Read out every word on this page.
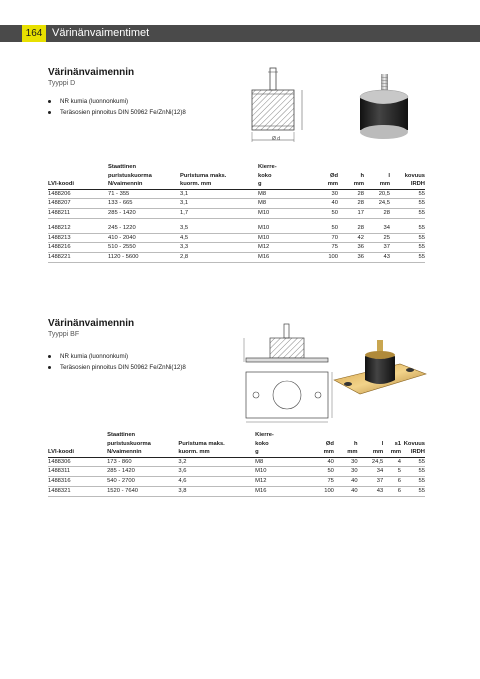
164 Värinänvaimentimet
Värinänvaimennin
Tyyppi D
NR kumia (luonnonkumi)
Teräsosien pinnoitus DIN 50962 Fe/ZnNi(12)8
Ø d
LVI-koodi	Staattinen
puristuskuorma
N/vaimennin	Puristuma maks.
kuorm. mm	Kierre-
koko
g	Ød
mm	h
mm	l
mm	kovuus
IRDH
1488206	71 - 355	3,1	M8	30	28	20,5	55
1488207	133 - 665	3,1	M8	40	28	24,5	55
1488211	285 - 1420	1,7	M10	50	17	28	55

1488212	245 - 1220	3,5	M10	50	28	34	55
1488213	410 - 2040	4,5	M10	70	42	25	55
1488216	510 - 2550	3,3	M12	75	36	37	55
1488221	1120 - 5600	2,8	M16	100	36	43	55
Värinänvaimennin
Tyyppi BF
NR kumia (luonnonkumi)
Teräsosien pinnoitus DIN 50962 Fe/ZnNi(12)8
LVI-koodi	Staattinen
puristuskuorma
N/vaimennin	Puristuma maks.
kuorm. mm	Kierre-
koko
g	Ød
mm	h
mm	l
mm	s1
mm	Kovuus
IRDH
1488306	173 - 860	3,2	M8	40	30	24,5	4	55
1488311	285 - 1420	3,6	M10	50	30	34	5	55
1488316	540 - 2700	4,6	M12	75	40	37	6	55
1488321	1520 - 7640	3,8	M16	100	40	43	6	55
